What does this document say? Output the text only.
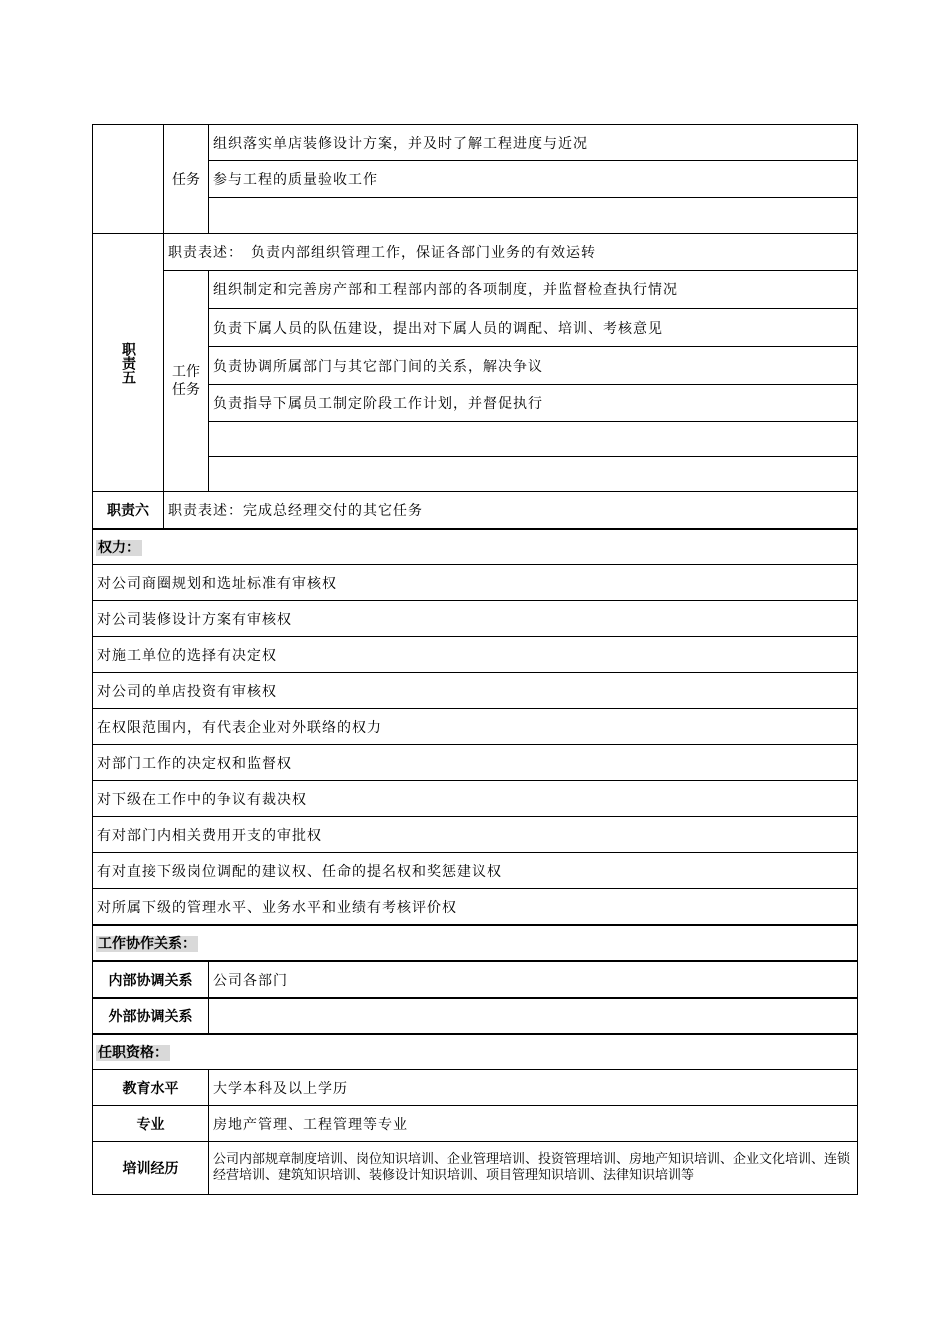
任务
组织落实单店装修设计方案，并及时了解工程进度与近况
参与工程的质量验收工作
职责五
职责表述：　负责内部组织管理工作，保证各部门业务的有效运转
工作
任务
组织制定和完善房产部和工程部内部的各项制度，并监督检查执行情况
负责下属人员的队伍建设，提出对下属人员的调配、培训、考核意见
负责协调所属部门与其它部门间的关系，解决争议
负责指导下属员工制定阶段工作计划，并督促执行
职责六 职责表述：完成总经理交付的其它任务
权力：
对公司商圈规划和选址标准有审核权
对公司装修设计方案有审核权
对施工单位的选择有决定权
对公司的单店投资有审核权
在权限范围内，有代表企业对外联络的权力
对部门工作的决定权和监督权
对下级在工作中的争议有裁决权
有对部门内相关费用开支的审批权
有对直接下级岗位调配的建议权、任命的提名权和奖惩建议权
对所属下级的管理水平、业务水平和业绩有考核评价权
工作协作关系：
内部协调关系 公司各部门
外部协调关系
任职资格：
教育水平 大学本科及以上学历
专业	房地产管理、工程管理等专业
培训经历
公司内部规章制度培训、岗位知识培训、企业管理培训、投资管理培训、房地产知识培训、企业文化培训、连锁经营培训、建筑知识培训、装修设计知识培训、项目管理知识培训、法律知识培训等
